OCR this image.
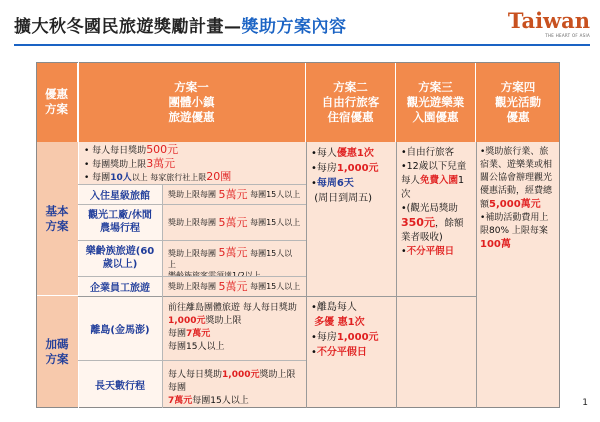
擴大秋冬國民旅遊獎勵計畫—獎助方案內容	Taiwan
THE HEART OF ASIA
優惠
方案
方案一
團體小鎮
旅遊優惠
方案二
自由行旅客
住宿優惠
方案三
觀光遊樂業
入園優惠
方案四
觀光活動
優惠
基本
方案
加碼
方案
• 每人每日獎助500元
• 每團獎助上限3萬元
• 每團10人以上 每家旅行社上限20團
入住星級旅館 獎助上限每團
5萬元
每團15人以上
觀光工廠/休閒農場行程
獎助上限每團
5萬元
每團15人以上
樂齡族旅遊(60歲以上)
獎助上限每團 5萬元 每團15人以上
企業員工旅遊 獎助上限每團
5萬元
每團15人以上
•每人優惠1次
•每房1,000元
•每周6天
(周日到周五)
•自由行旅客
•12歲以下兒童每人免費入園1次
•(觀光局獎助350元，餘額業者吸收)
•不分平假日
•獎助旅行業、旅宿業、遊樂業或相關公協會辦理觀光優惠活動，經費總額5,000萬元
•補助活動費用上限80% 上限每案100萬
離島(金馬澎)
前往離島團體旅遊 每人每日獎助1,000元獎助上限
每團7萬元
每團15人以上
長天數行程
每人每日獎助1,000元獎助上限每團
7萬元每團15人以上
•離島每人
多優 惠1次
•每房1,000元
•不分平假日
1
